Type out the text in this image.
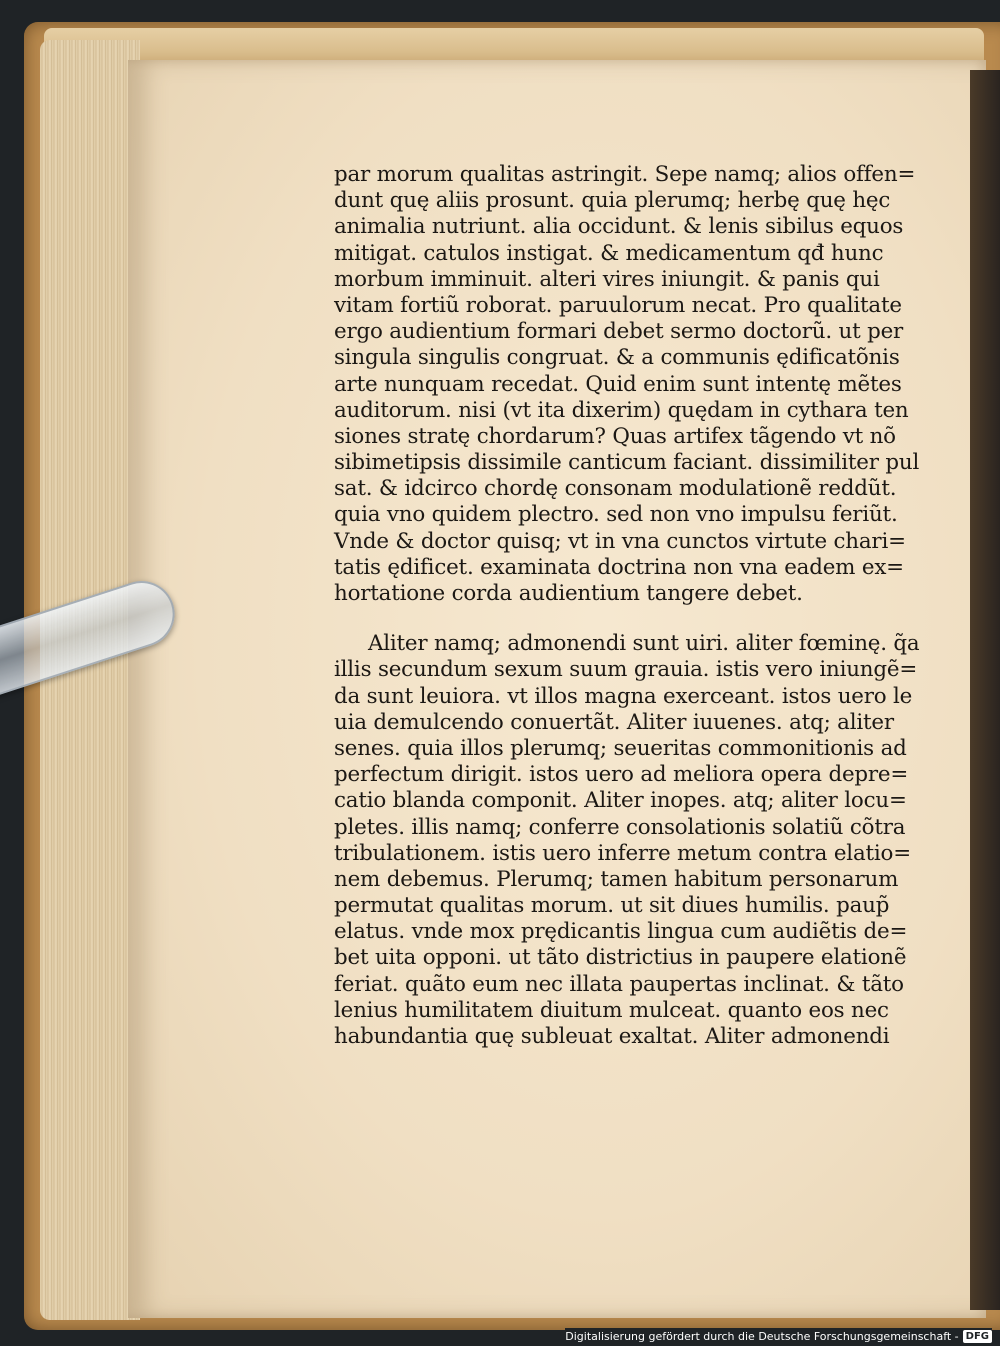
par morum qualitas astringit. Sepe namq; alios offen=
dunt quę aliis prosunt. quia plerumq; herbę quę hęc
animalia nutriunt. alia occidunt. & lenis sibilus equos
mitigat. catulos instigat. & medicamentum qđ hunc
morbum imminuit. alteri vires iniungit. & panis qui
vitam fortiũ roborat. paruulorum necat. Pro qualitate
ergo audientium formari debet sermo doctorũ. ut per
singula singulis congruat. & a communis ędificatõnis
arte nunquam recedat. Quid enim sunt intentę mẽtes
auditorum. nisi (vt ita dixerim) quędam in cythara ten
siones stratę chordarum? Quas artifex tãgendo vt nõ
sibimetipsis dissimile canticum faciant. dissimiliter pul
sat. & idcirco chordę consonam modulationẽ reddũt.
quia vno quidem plectro. sed non vno impulsu feriũt.
Vnde & doctor quisq; vt in vna cunctos virtute chari=
tatis ędificet. examinata doctrina non vna eadem ex=
hortatione corda audientium tangere debet.
Aliter namq; admonendi sunt uiri. aliter fœminę. q̃a
illis secundum sexum suum grauia. istis vero iniungẽ=
da sunt leuiora. vt illos magna exerceant. istos uero le
uia demulcendo conuertãt. Aliter iuuenes. atq; aliter
senes. quia illos plerumq; seueritas commonitionis ad
perfectum dirigit. istos uero ad meliora opera depre=
catio blanda componit. Aliter inopes. atq; aliter locu=
pletes. illis namq; conferre consolationis solatiũ cõtra
tribulationem. istis uero inferre metum contra elatio=
nem debemus. Plerumq; tamen habitum personarum
permutat qualitas morum. ut sit diues humilis. paup̃
elatus. vnde mox prędicantis lingua cum audiẽtis de=
bet uita opponi. ut tãto districtius in paupere elationẽ
feriat. quãto eum nec illata paupertas inclinat. & tãto
lenius humilitatem diuitum mulceat. quanto eos nec
habundantia quę subleuat exaltat. Aliter admonendi
Digitalisierung gefördert durch die Deutsche Forschungsgemeinschaft - DFG
